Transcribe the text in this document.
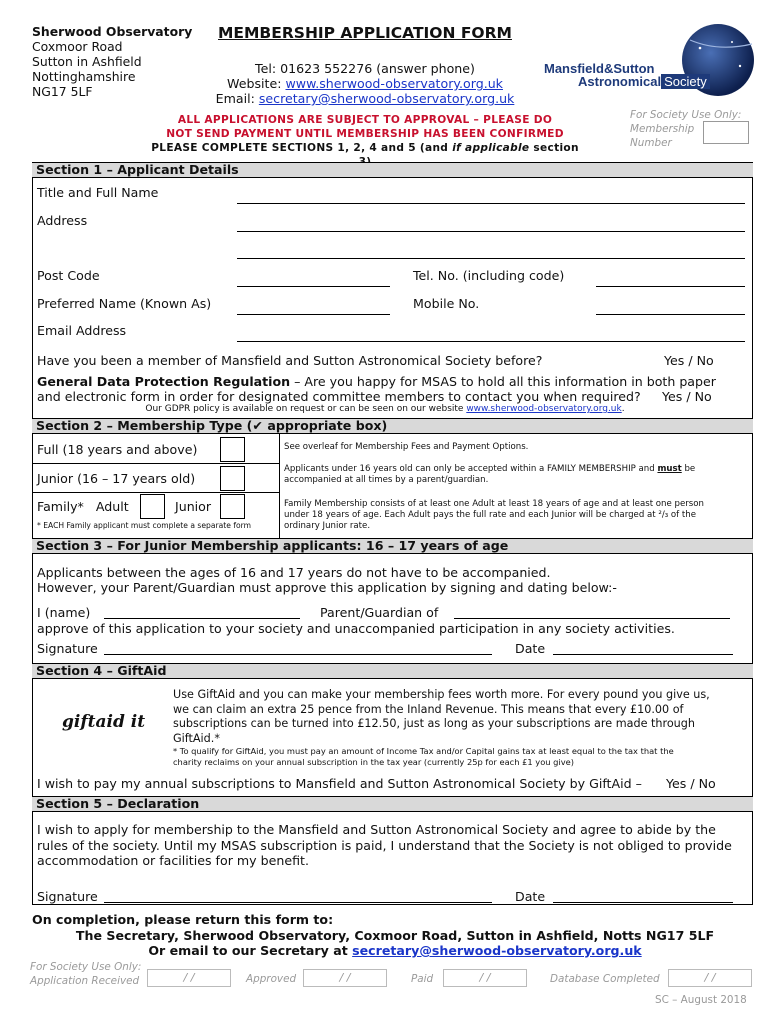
Sherwood Observatory
Coxmoor Road
Sutton in Ashfield
Nottinghamshire
NG17 5LF
MEMBERSHIP APPLICATION FORM
Tel: 01623 552276 (answer phone)
Website: www.sherwood-observatory.org.uk
Email: secretary@sherwood-observatory.org.uk
Mansfield&Sutton
Astronomical Society
ALL APPLICATIONS ARE SUBJECT TO APPROVAL – PLEASE DO
NOT SEND PAYMENT UNTIL MEMBERSHIP HAS BEEN CONFIRMED
PLEASE COMPLETE SECTIONS 1, 2, 4 and 5 (and if applicable section
For Society Use Only:
Membership
Number
Section 1 – Applicant Details
Title and Full Name
Address
Post Code	Tel. No. (including code)
Preferred Name (Known As)	Mobile No.
Email Address
Have you been a member of Mansfield and Sutton Astronomical Society before?	Yes / No
General Data Protection Regulation – Are you happy for MSAS to hold all this information in both paper
and electronic form in order for designated committee members to contact you when required? Yes / No
Our GDPR policy is available on request or can be seen on our website www.sherwood-observatory.org.uk.
Section 2 – Membership Type (✔ appropriate box)
Full (18 years and above)
Junior (16 – 17 years old)
Family* Adult	Junior
* EACH Family applicant must complete a separate form
See overleaf for Membership Fees and Payment Options.
Applicants under 16 years old can only be accepted within a FAMILY MEMBERSHIP and must be
accompanied at all times by a parent/guardian.
Family Membership consists of at least one Adult at least 18 years of age and at least one person
under 18 years of age. Each Adult pays the full rate and each Junior will be charged at ²/₃ of the
ordinary Junior rate.
Section 3 – For Junior Membership applicants: 16 – 17 years of age
Applicants between the ages of 16 and 17 years do not have to be accompanied.
However, your Parent/Guardian must approve this application by signing and dating below:-
I (name)	Parent/Guardian of
approve of this application to your society and unaccompanied participation in any society activities.
Signature	Date
Section 4 – GiftAid
giftaid it
Use GiftAid and you can make your membership fees worth more. For every pound you give us,
we can claim an extra 25 pence from the Inland Revenue. This means that every £10.00 of
subscriptions can be turned into £12.50, just as long as your subscriptions are made through
GiftAid.*
* To qualify for GiftAid, you must pay an amount of Income Tax and/or Capital gains tax at least equal to the tax that the
charity reclaims on your annual subscription in the tax year (currently 25p for each £1 you give)
I wish to pay my annual subscriptions to Mansfield and Sutton Astronomical Society by GiftAid – Yes / No
Section 5 – Declaration
I wish to apply for membership to the Mansfield and Sutton Astronomical Society and agree to abide by the
rules of the society. Until my MSAS subscription is paid, I understand that the Society is not obliged to provide
accommodation or facilities for my benefit.
Signature	Date
On completion, please return this form to:
The Secretary, Sherwood Observatory, Coxmoor Road, Sutton in Ashfield, Notts NG17 5LF
Or email to our Secretary at secretary@sherwood-observatory.org.uk
For Society Use Only:
Application Received	/ /	Approved	/ /	Paid	/ /	Database Completed	/ /
SC – August 2018
